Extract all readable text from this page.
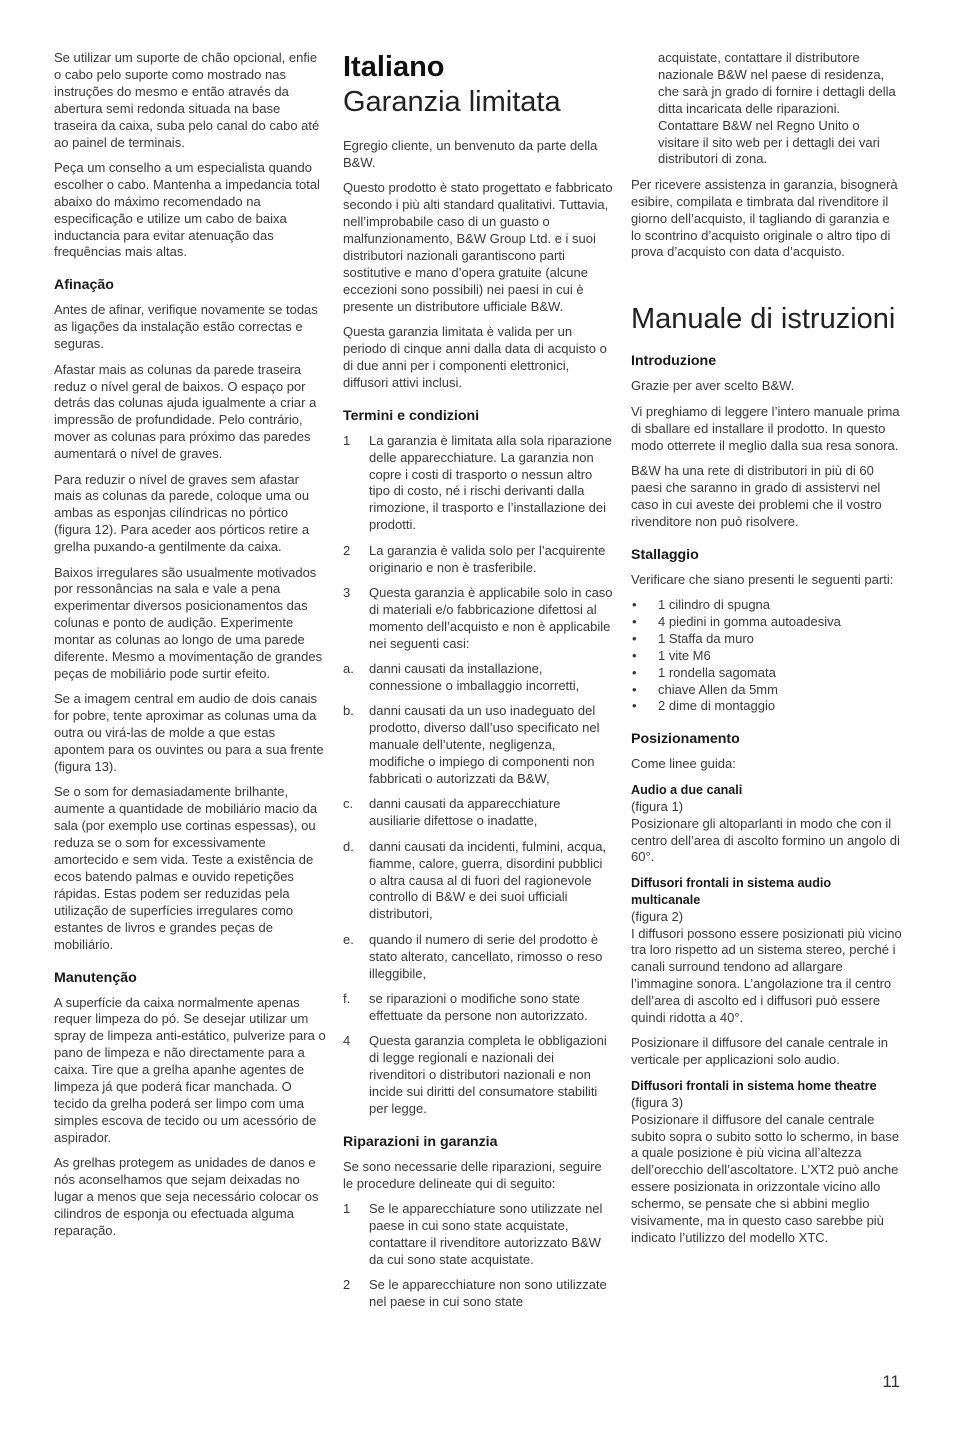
Se utilizar um suporte de chão opcional, enfie o cabo pelo suporte como mostrado nas instruções do mesmo e então através da abertura semi redonda situada na base traseira da caixa, suba pelo canal do cabo até ao painel de terminais.

Peça um conselho a um especialista quando escolher o cabo. Mantenha a impedancia total abaixo do máximo recomendado na especificação e utilize um cabo de baixa inductancia para evitar atenuação das frequências mais altas.

Afinação

Antes de afinar, verifique novamente se todas as ligações da instalação estão correctas e seguras.

Afastar mais as colunas da parede traseira reduz o nível geral de baixos. O espaço por detrás das colunas ajuda igualmente a criar a impressão de profundidade. Pelo contrário, mover as colunas para próximo das paredes aumentará o nível de graves.

Para reduzir o nível de graves sem afastar mais as colunas da parede, coloque uma ou ambas as esponjas cilíndricas no pórtico (figura 12). Para aceder aos pórticos retire a grelha puxando-a gentilmente da caixa.

Baixos irregulares são usualmente motivados por ressonâncias na sala e vale a pena experimentar diversos posicionamentos das colunas e ponto de audição. Experimente montar as colunas ao longo de uma parede diferente. Mesmo a movimentação de grandes peças de mobiliário pode surtir efeito.

Se a imagem central em audio de dois canais for pobre, tente aproximar as colunas uma da outra ou virá-las de molde a que estas apontem para os ouvintes ou para a sua frente (figura 13).

Se o som for demasiadamente brilhante, aumente a quantidade de mobiliário macio da sala (por exemplo use cortinas espessas), ou reduza se o som for excessivamente amortecido e sem vida. Teste a existência de ecos batendo palmas e ouvido repetições rápidas. Estas podem ser reduzidas pela utilização de superfícies irregulares como estantes de livros e grandes peças de mobiliário.

Manutenção

A superfície da caixa normalmente apenas requer limpeza do pó. Se desejar utilizar um spray de limpeza anti-estático, pulverize para o pano de limpeza e não directamente para a caixa. Tire que a grelha apanhe agentes de limpeza já que poderá ficar manchada. O tecido da grelha poderá ser limpo com uma simples escova de tecido ou um acessório de aspirador.

As grelhas protegem as unidades de danos e nós aconselhamos que sejam deixadas no lugar a menos que seja necessário colocar os cilindros de esponja ou efectuada alguma reparação.

Italiano
Garanzia limitata

Egregio cliente, un benvenuto da parte della B&W.

Questo prodotto è stato progettato e fabbricato secondo i più alti standard qualitativi. Tuttavia, nell’improbabile caso di un guasto o malfunzionamento, B&W Group Ltd. e i suoi distributori nazionali garantiscono parti sostitutive e mano d’opera gratuite (alcune eccezioni sono possibili) nei paesi in cui è presente un distributore ufficiale B&W.

Questa garanzia limitata è valida per un periodo di cinque anni dalla data di acquisto o di due anni per i componenti elettronici, diffusori attivi inclusi.

Termini e condizioni
1 La garanzia è limitata alla sola riparazione delle apparecchiature. La garanzia non copre i costi di trasporto o nessun altro tipo di costo, né i rischi derivanti dalla rimozione, il trasporto e l’installazione dei prodotti.
2 La garanzia è valida solo per l’acquirente originario e non è trasferibile.
3 Questa garanzia è applicabile solo in caso di materiali e/o fabbricazione difettosi al momento dell’acquisto e non è applicabile nei seguenti casi:
a. danni causati da installazione, connessione o imballaggio incorretti,
b. danni causati da un uso inadeguato del prodotto, diverso dall’uso specificato nel manuale dell’utente, negligenza, modifiche o impiego di componenti non fabbricati o autorizzati da B&W,
c. danni causati da apparecchiature ausiliarie difettose o inadatte,
d. danni causati da incidenti, fulmini, acqua, fiamme, calore, guerra, disordini pubblici o altra causa al di fuori del ragionevole controllo di B&W e dei suoi ufficiali distributori,
e. quando il numero di serie del prodotto è stato alterato, cancellato, rimosso o reso illeggibile,
f. se riparazioni o modifiche sono state effettuate da persone non autorizzato.
4 Questa garanzia completa le obbligazioni di legge regionali e nazionali dei rivenditori o distributori nazionali e non incide sui diritti del consumatore stabiliti per legge.
Riparazioni in garanzia

Se sono necessarie delle riparazioni, seguire le procedure delineate qui di seguito:

1 Se le apparecchiature sono utilizzate nel paese in cui sono state acquistate, contattare il rivenditore autorizzato B&W da cui sono state acquistate.
2 Se le apparecchiature non sono utilizzate nel paese in cui sono state

acquistate, contattare il distributore nazionale B&W nel paese di residenza, che sarà jn grado di fornire i dettagli della ditta incaricata delle riparazioni. Contattare B&W nel Regno Unito o visitare il sito web per i dettagli dei vari distributori di zona.

Per ricevere assistenza in garanzia, bisognerà esibire, compilata e timbrata dal rivenditore il giorno dell’acquisto, il tagliando di garanzia e lo scontrino d’acquisto originale o altro tipo di prova d’acquisto con data d’acquisto.

Manuale di istruzioni
Introduzione

Grazie per aver scelto B&W.

Vi preghiamo di leggere l’intero manuale prima di sballare ed installare il prodotto. In questo modo otterrete il meglio dalla sua resa sonora.

B&W ha una rete di distributori in più di 60 paesi che saranno in grado di assistervi nel caso in cui aveste dei problemi che il vostro rivenditore non può risolvere.

Stallaggio

Verificare che siano presenti le seguenti parti:

• 1 cilindro di spugna
• 4 piedini in gomma autoadesiva
• 1 Staffa da muro
• 1 vite M6
• 1 rondella sagomata
• chiave Allen da 5mm
• 2 dime di montaggio
Posizionamento

Come linee guida:

Audio a due canali

(figura 1)

Posizionare gli altoparlanti in modo che con il centro dell’area di ascolto formino un angolo di 60°.

Diffusori frontali in sistema audio multicanale

(figura 2)

I diffusori possono essere posizionati più vicino tra loro rispetto ad un sistema stereo, perché i canali surround tendono ad allargare l’immagine sonora. L’angolazione tra il centro dell’area di ascolto ed i diffusori può essere quindi ridotta a 40°.

Posizionare il diffusore del canale centrale in verticale per applicazioni solo audio.

Diffusori frontali in sistema home theatre

(figura 3)

Posizionare il diffusore del canale centrale subito sopra o subito sotto lo schermo, in base a quale posizione è più vicina all’altezza dell’orecchio dell’ascoltatore. L’XT2 può anche essere posizionata in orizzontale vicino allo schermo, se pensate che si abbini meglio visivamente, ma in questo caso sarebbe più indicato l’utilizzo del modello XTC.

11
